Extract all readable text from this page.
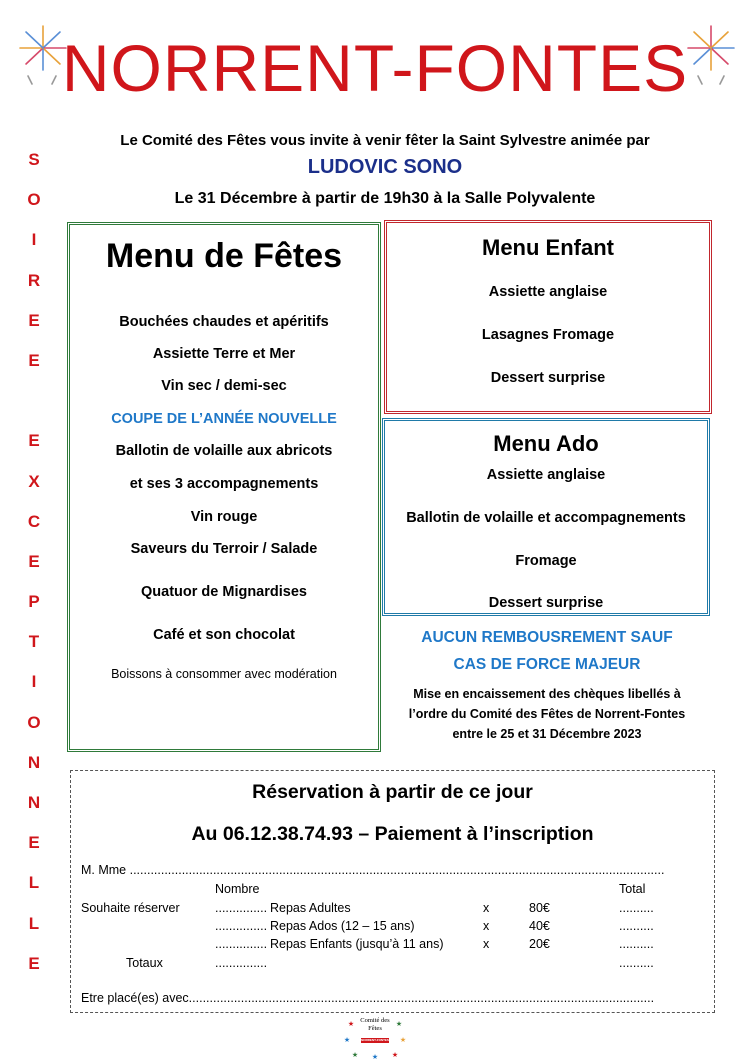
NORRENT-FONTES
S
O
I
R
E
E
E
X
C
E
P
T
I
O
N
N
E
L
L
E
Le Comité des Fêtes vous invite à venir fêter la Saint Sylvestre animée par
LUDOVIC SONO
Le 31 Décembre à partir de 19h30 à la Salle Polyvalente
Menu de Fêtes
Bouchées chaudes et apéritifs
Assiette Terre et Mer
Vin sec / demi-sec
COUPE DE L’ANNÉE NOUVELLE
Ballotin de volaille aux abricots
et ses 3 accompagnements
Vin rouge
Saveurs du Terroir / Salade
Quatuor de Mignardises
Café et son chocolat
Boissons à consommer avec modération
Menu Enfant
Assiette anglaise
Lasagnes Fromage
Dessert surprise
Menu Ado
Assiette anglaise
Ballotin de volaille et accompagnements
Fromage
Dessert surprise
AUCUN REMBOUSREMENT SAUF
CAS DE FORCE MAJEUR
Mise en encaissement des chèques libellés à
l’ordre du Comité des Fêtes de Norrent-Fontes
entre le 25 et 31 Décembre 2023
Réservation à partir de ce jour
Au 06.12.38.74.93 – Paiement à l’inscription
M. Mme ..........................................................................................................................................................
Nombre	Total
Souhaite réserver	............... Repas Adultes	x	80€	..........
............... Repas Ados (12 – 15 ans)	x	40€	..........
............... Repas Enfants (jusqu’à 11 ans)	x	20€	..........
Totaux	...............	..........
Etre placé(es) avec......................................................................................................................................
★	★
★	★
★	★
★
Comité des
Fêtes
NORRENT-FONTES
